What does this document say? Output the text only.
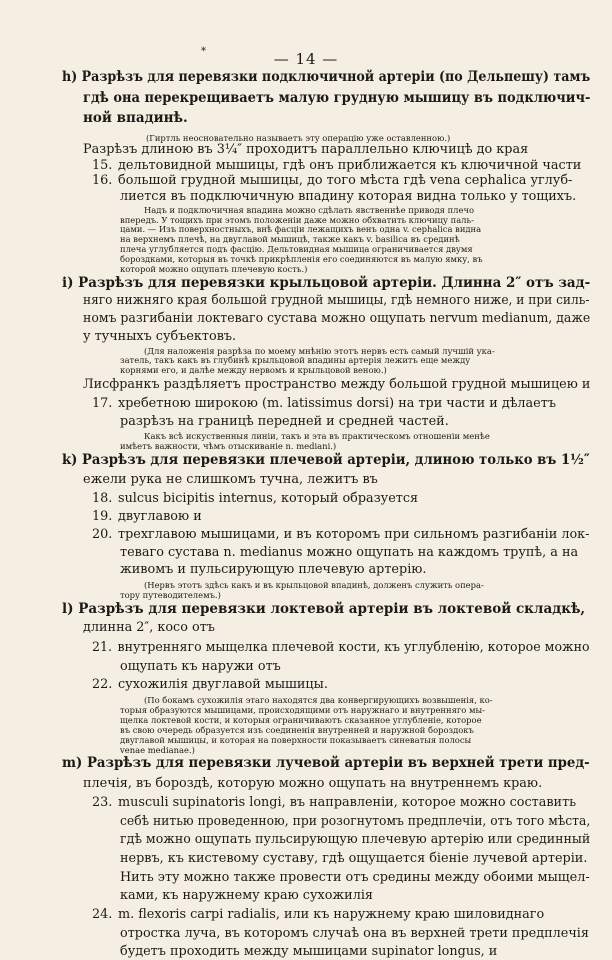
*	— 14 —
h) Разрѣзъ для перевязки подключичной артеріи (по Дельпешу) тамъ
гдѣ она перекрещиваетъ малую грудную мышицу въ подключич-
ной впадинѣ.
(Гиртль неосновательно называетъ эту операцію уже оставленною.)
Разрѣзъ длиною въ 3¼″ проходитъ параллельно ключицѣ до края
15. дельтовидной мышицы, гдѣ онъ приближается къ ключичной части
16. большой грудной мышицы, до того мѣста гдѣ vena cephalica углуб-
лиется въ подключичную впадину которая видна только у тощихъ.
Надъ и подключичная впадина можно сдѣлать явственнѣе приводя плечо
впередъ. У тощихъ при этомъ положеніи даже можно обхватить ключицу паль-
цами. — Изъ поверхностныхъ, внѣ фасціи лежащихъ венъ одна v. cephalica видна
на верхнемъ плечѣ, на двуглавой мышицѣ, также какъ v. basilica въ срединѣ
плеча углубляется подъ фасцію. Дельтовидная мышица ограничивается двумя
бороздками, которыя въ точкѣ прикрѣпленія его соединяются въ малую ямку, въ
которой можно ощупать плечевую кость.)
i) Разрѣзъ для перевязки крыльцовой артеріи. Длинна 2″ отъ зад-
няго нижняго края большой грудной мышицы, гдѣ немного ниже, и при силь-
номъ разгибаніи локтеваго сустава можно ощупать nervum medianum, даже
у тучныхъ субъектовъ.
(Для наложенія разрѣза по моему мнѣнію этотъ нервъ есть самый лучшій ука-
затель, такъ какъ въ глубинѣ крыльцовой впадины артерія лежитъ еще между
корнями его, и далѣе между нервомъ и крыльцовой веною.)
Лисфранкъ раздѣляетъ пространство между большой грудной мышицею и
17. хребетною широкою (m. latissimus dorsi) на три части и дѣлаетъ
разрѣзъ на границѣ передней и средней частей.
Какъ всѣ искуственныя линіи, такъ и эта въ практическомъ отношеніи менѣе
имѣетъ важности, чѣмъ отыскиваніе n. mediani.)
k) Разрѣзъ для перевязки плечевой артеріи, длиною только въ 1½″
ежели рука не слишкомъ тучна, лежитъ въ
18. sulcus bicipitis internus, который образуется
19. двуглавою и
20. трехглавою мышицами, и въ которомъ при сильномъ разгибаніи лок-
теваго сустава n. medianus можно ощупать на каждомъ трупѣ, а на
живомъ и пульсирующую плечевую артерію.
(Нервъ этотъ здѣсь какъ и въ крыльцовой впадинѣ, долженъ служить опера-
тору путеводителемъ.)
l) Разрѣзъ для перевязки локтевой артеріи въ локтевой складкѣ,
длинна 2″, косо отъ
21. внутренняго мыщелка плечевой кости, къ углубленію, которое можно
ощупать къ наружи отъ
22. сухожилія двуглавой мышицы.
(По бокамъ сухожилія этаго находятся два конвергирующихъ возвышенія, ко-
торыя образуются мышицами, происходящими отъ наружнаго и внутренняго мы-
щелка локтевой кости, и которыя ограничиваютъ сказанное углубленіе, которое
въ свою очередь образуется изъ соединенія внутренней и наружной бороздокъ
двуглавой мышицы, и которая на поверхности показываетъ синеватыя полосы
venae medianae.)
m) Разрѣзъ для перевязки лучевой артеріи въ верхней трети пред-
плечія, въ бороздѣ, которую можно ощупать на внутреннемъ краю.
23. musculi supinatoris longi, въ направленіи, которое можно составить
себѣ нитью проведенною, при розогнутомъ предплечіи, отъ того мѣста,
гдѣ можно ощупать пульсирующую плечевую артерію или срединный
нервъ, къ кистевому суставу, гдѣ ощущается біеніе лучевой артеріи.
Нить эту можно также провести отъ средины между обоими мыщел-
ками, къ наружнему краю сухожилія
24. m. flexoris carpi radialis, или къ наружнему краю шиловиднаго
отростка луча, въ которомъ случаѣ она въ верхней трети предплечія
будетъ проходить между мышицами supinator longus, и
